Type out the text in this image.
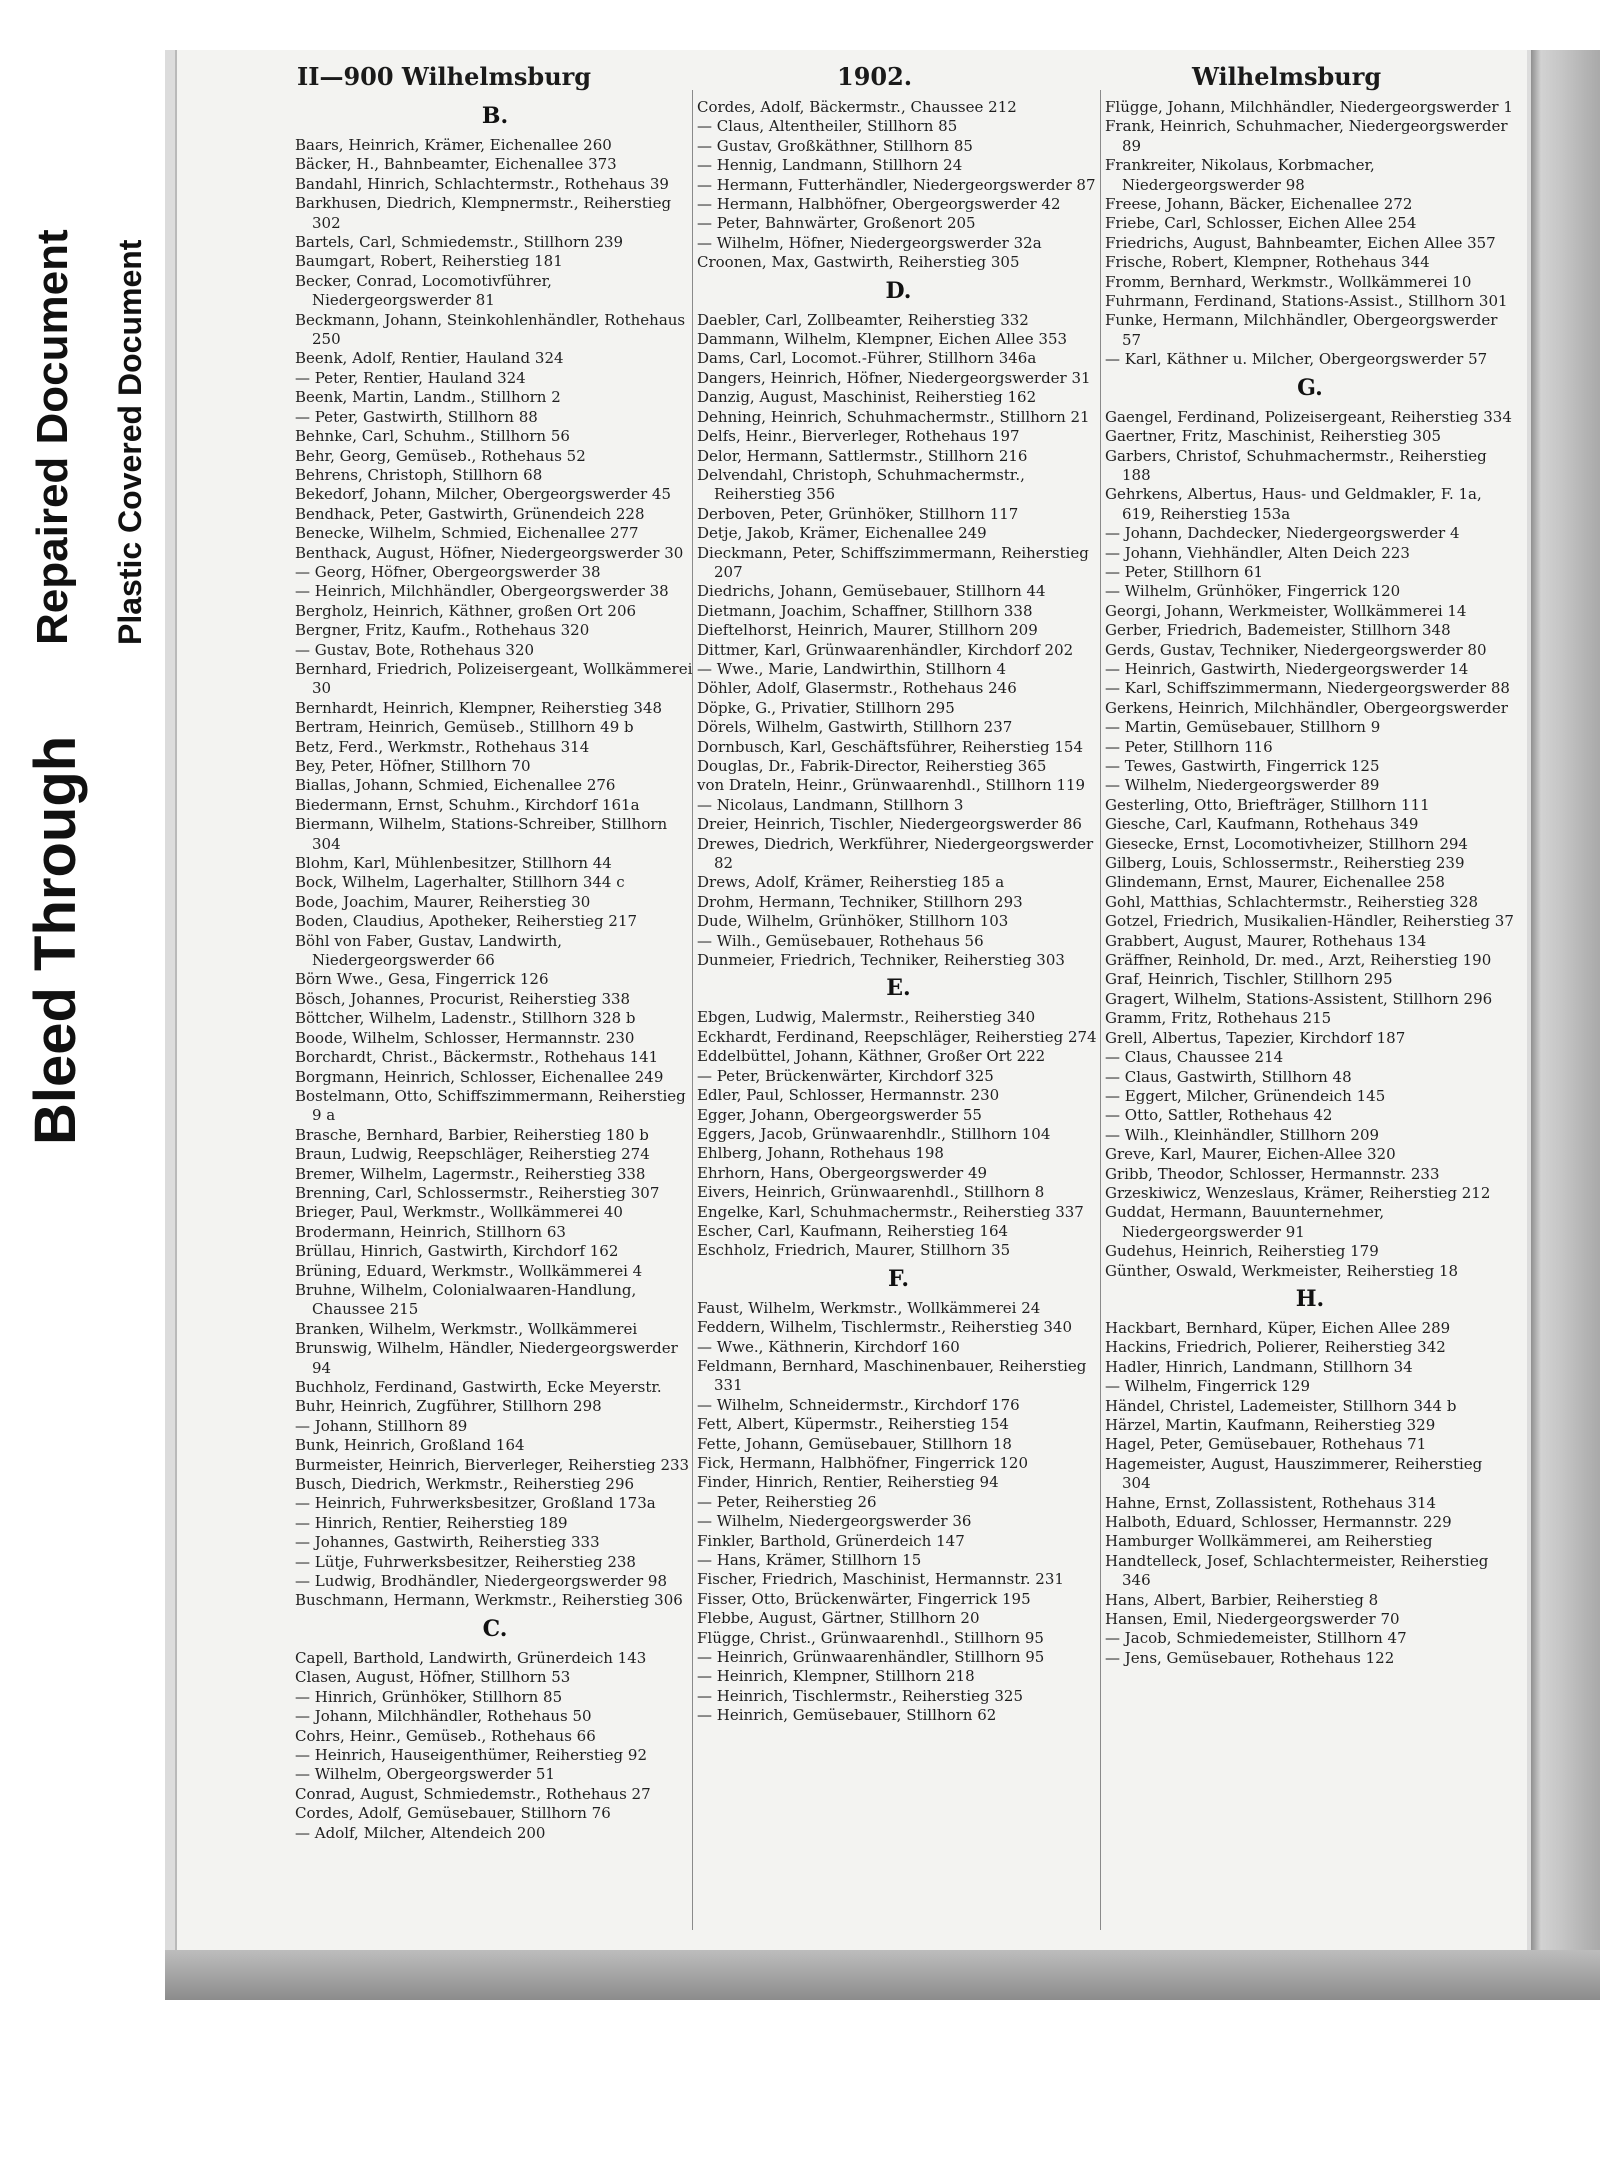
Bleed Through
Repaired Document Plastic Covered Document
II—900 Wilhelmsburg	1902.	Wilhelmsburg
B.
Baars, Heinrich, Krämer, Eichenallee 260
Bäcker, H., Bahnbeamter, Eichenallee 373
Bandahl, Hinrich, Schlachtermstr., Rothehaus 39
Barkhusen, Diedrich, Klempnermstr., Reiherstieg 302
Bartels, Carl, Schmiedemstr., Stillhorn 239
Baumgart, Robert, Reiherstieg 181
Becker, Conrad, Locomotivführer, Niedergeorgswerder 81
Beckmann, Johann, Steinkohlenhändler, Rothehaus 250
Beenk, Adolf, Rentier, Hauland 324
— Peter, Rentier, Hauland 324
Beenk, Martin, Landm., Stillhorn 2
— Peter, Gastwirth, Stillhorn 88
Behnke, Carl, Schuhm., Stillhorn 56
Behr, Georg, Gemüseb., Rothehaus 52
Behrens, Christoph, Stillhorn 68
Bekedorf, Johann, Milcher, Obergeorgswerder 45
Bendhack, Peter, Gastwirth, Grünendeich 228
Benecke, Wilhelm, Schmied, Eichenallee 277
Benthack, August, Höfner, Niedergeorgswerder 30
— Georg, Höfner, Obergeorgswerder 38
— Heinrich, Milchhändler, Obergeorgswerder 38
Bergholz, Heinrich, Käthner, großen Ort 206
Bergner, Fritz, Kaufm., Rothehaus 320
— Gustav, Bote, Rothehaus 320
Bernhard, Friedrich, Polizeisergeant, Wollkämmerei 30
Bernhardt, Heinrich, Klempner, Reiherstieg 348
Bertram, Heinrich, Gemüseb., Stillhorn 49 b
Betz, Ferd., Werkmstr., Rothehaus 314
Bey, Peter, Höfner, Stillhorn 70
Biallas, Johann, Schmied, Eichenallee 276
Biedermann, Ernst, Schuhm., Kirchdorf 161a
Biermann, Wilhelm, Stations-Schreiber, Stillhorn 304
Blohm, Karl, Mühlenbesitzer, Stillhorn 44
Bock, Wilhelm, Lagerhalter, Stillhorn 344 c
Bode, Joachim, Maurer, Reiherstieg 30
Boden, Claudius, Apotheker, Reiherstieg 217
Böhl von Faber, Gustav, Landwirth, Niedergeorgswerder 66
Börn Wwe., Gesa, Fingerrick 126
Bösch, Johannes, Procurist, Reiherstieg 338
Böttcher, Wilhelm, Ladenstr., Stillhorn 328 b
Boode, Wilhelm, Schlosser, Hermannstr. 230
Borchardt, Christ., Bäckermstr., Rothehaus 141
Borgmann, Heinrich, Schlosser, Eichenallee 249
Bostelmann, Otto, Schiffszimmermann, Reiherstieg 9 a
Brasche, Bernhard, Barbier, Reiherstieg 180 b
Braun, Ludwig, Reepschläger, Reiherstieg 274
Bremer, Wilhelm, Lagermstr., Reiherstieg 338
Brenning, Carl, Schlossermstr., Reiherstieg 307
Brieger, Paul, Werkmstr., Wollkämmerei 40
Brodermann, Heinrich, Stillhorn 63
Brüllau, Hinrich, Gastwirth, Kirchdorf 162
Brüning, Eduard, Werkmstr., Wollkämmerei 4
Bruhne, Wilhelm, Colonialwaaren-Handlung, Chaussee 215
Branken, Wilhelm, Werkmstr., Wollkämmerei
Brunswig, Wilhelm, Händler, Niedergeorgswerder 94
Buchholz, Ferdinand, Gastwirth, Ecke Meyerstr.
Buhr, Heinrich, Zugführer, Stillhorn 298
— Johann, Stillhorn 89
Bunk, Heinrich, Großland 164
Burmeister, Heinrich, Bierverleger, Reiherstieg 233
Busch, Diedrich, Werkmstr., Reiherstieg 296
— Heinrich, Fuhrwerksbesitzer, Großland 173a
— Hinrich, Rentier, Reiherstieg 189
— Johannes, Gastwirth, Reiherstieg 333
— Lütje, Fuhrwerksbesitzer, Reiherstieg 238
— Ludwig, Brodhändler, Niedergeorgswerder 98
Buschmann, Hermann, Werkmstr., Reiherstieg 306
C.
Capell, Barthold, Landwirth, Grünerdeich 143
Clasen, August, Höfner, Stillhorn 53
— Hinrich, Grünhöker, Stillhorn 85
— Johann, Milchhändler, Rothehaus 50
Cohrs, Heinr., Gemüseb., Rothehaus 66
— Heinrich, Hauseigenthümer, Reiherstieg 92
— Wilhelm, Obergeorgswerder 51
Conrad, August, Schmiedemstr., Rothehaus 27
Cordes, Adolf, Gemüsebauer, Stillhorn 76
— Adolf, Milcher, Altendeich 200
Cordes, Adolf, Bäckermstr., Chaussee 212
— Claus, Altentheiler, Stillhorn 85
— Gustav, Großkäthner, Stillhorn 85
— Hennig, Landmann, Stillhorn 24
— Hermann, Futterhändler, Niedergeorgswerder 87
— Hermann, Halbhöfner, Obergeorgswerder 42
— Peter, Bahnwärter, Großenort 205
— Wilhelm, Höfner, Niedergeorgswerder 32a
Croonen, Max, Gastwirth, Reiherstieg 305
D.
Daebler, Carl, Zollbeamter, Reiherstieg 332
Dammann, Wilhelm, Klempner, Eichen Allee 353
Dams, Carl, Locomot.-Führer, Stillhorn 346a
Dangers, Heinrich, Höfner, Niedergeorgswerder 31
Danzig, August, Maschinist, Reiherstieg 162
Dehning, Heinrich, Schuhmachermstr., Stillhorn 21
Delfs, Heinr., Bierverleger, Rothehaus 197
Delor, Hermann, Sattlermstr., Stillhorn 216
Delvendahl, Christoph, Schuhmachermstr., Reiherstieg 356
Derboven, Peter, Grünhöker, Stillhorn 117
Detje, Jakob, Krämer, Eichenallee 249
Dieckmann, Peter, Schiffszimmermann, Reiherstieg 207
Diedrichs, Johann, Gemüsebauer, Stillhorn 44
Dietmann, Joachim, Schaffner, Stillhorn 338
Dieftelhorst, Heinrich, Maurer, Stillhorn 209
Dittmer, Karl, Grünwaarenhändler, Kirchdorf 202
— Wwe., Marie, Landwirthin, Stillhorn 4
Döhler, Adolf, Glasermstr., Rothehaus 246
Döpke, G., Privatier, Stillhorn 295
Dörels, Wilhelm, Gastwirth, Stillhorn 237
Dornbusch, Karl, Geschäftsführer, Reiherstieg 154
Douglas, Dr., Fabrik-Director, Reiherstieg 365
von Drateln, Heinr., Grünwaarenhdl., Stillhorn 119
— Nicolaus, Landmann, Stillhorn 3
Dreier, Heinrich, Tischler, Niedergeorgswerder 86
Drewes, Diedrich, Werkführer, Niedergeorgswerder 82
Drews, Adolf, Krämer, Reiherstieg 185 a
Drohm, Hermann, Techniker, Stillhorn 293
Dude, Wilhelm, Grünhöker, Stillhorn 103
— Wilh., Gemüsebauer, Rothehaus 56
Dunmeier, Friedrich, Techniker, Reiherstieg 303
E.
Ebgen, Ludwig, Malermstr., Reiherstieg 340
Eckhardt, Ferdinand, Reepschläger, Reiherstieg 274
Eddelbüttel, Johann, Käthner, Großer Ort 222
— Peter, Brückenwärter, Kirchdorf 325
Edler, Paul, Schlosser, Hermannstr. 230
Egger, Johann, Obergeorgswerder 55
Eggers, Jacob, Grünwaarenhdlr., Stillhorn 104
Ehlberg, Johann, Rothehaus 198
Ehrhorn, Hans, Obergeorgswerder 49
Eivers, Heinrich, Grünwaarenhdl., Stillhorn 8
Engelke, Karl, Schuhmachermstr., Reiherstieg 337
Escher, Carl, Kaufmann, Reiherstieg 164
Eschholz, Friedrich, Maurer, Stillhorn 35
F.
Faust, Wilhelm, Werkmstr., Wollkämmerei 24
Feddern, Wilhelm, Tischlermstr., Reiherstieg 340
— Wwe., Käthnerin, Kirchdorf 160
Feldmann, Bernhard, Maschinenbauer, Reiherstieg 331
— Wilhelm, Schneidermstr., Kirchdorf 176
Fett, Albert, Küpermstr., Reiherstieg 154
Fette, Johann, Gemüsebauer, Stillhorn 18
Fick, Hermann, Halbhöfner, Fingerrick 120
Finder, Hinrich, Rentier, Reiherstieg 94
— Peter, Reiherstieg 26
— Wilhelm, Niedergeorgswerder 36
Finkler, Barthold, Grünerdeich 147
— Hans, Krämer, Stillhorn 15
Fischer, Friedrich, Maschinist, Hermannstr. 231
Fisser, Otto, Brückenwärter, Fingerrick 195
Flebbe, August, Gärtner, Stillhorn 20
Flügge, Christ., Grünwaarenhdl., Stillhorn 95
— Heinrich, Grünwaarenhändler, Stillhorn 95
— Heinrich, Klempner, Stillhorn 218
— Heinrich, Tischlermstr., Reiherstieg 325
— Heinrich, Gemüsebauer, Stillhorn 62
Flügge, Johann, Milchhändler, Niedergeorgswerder 1
Frank, Heinrich, Schuhmacher, Niedergeorgswerder 89
Frankreiter, Nikolaus, Korbmacher, Niedergeorgswerder 98
Freese, Johann, Bäcker, Eichenallee 272
Friebe, Carl, Schlosser, Eichen Allee 254
Friedrichs, August, Bahnbeamter, Eichen Allee 357
Frische, Robert, Klempner, Rothehaus 344
Fromm, Bernhard, Werkmstr., Wollkämmerei 10
Fuhrmann, Ferdinand, Stations-Assist., Stillhorn 301
Funke, Hermann, Milchhändler, Obergeorgswerder 57
— Karl, Käthner u. Milcher, Obergeorgswerder 57
G.
Gaengel, Ferdinand, Polizeisergeant, Reiherstieg 334
Gaertner, Fritz, Maschinist, Reiherstieg 305
Garbers, Christof, Schuhmachermstr., Reiherstieg 188
Gehrkens, Albertus, Haus- und Geldmakler, F. 1a, 619, Reiherstieg 153a
— Johann, Dachdecker, Niedergeorgswerder 4
— Johann, Viehhändler, Alten Deich 223
— Peter, Stillhorn 61
— Wilhelm, Grünhöker, Fingerrick 120
Georgi, Johann, Werkmeister, Wollkämmerei 14
Gerber, Friedrich, Bademeister, Stillhorn 348
Gerds, Gustav, Techniker, Niedergeorgswerder 80
— Heinrich, Gastwirth, Niedergeorgswerder 14
— Karl, Schiffszimmermann, Niedergeorgswerder 88
Gerkens, Heinrich, Milchhändler, Obergeorgswerder
— Martin, Gemüsebauer, Stillhorn 9
— Peter, Stillhorn 116
— Tewes, Gastwirth, Fingerrick 125
— Wilhelm, Niedergeorgswerder 89
Gesterling, Otto, Briefträger, Stillhorn 111
Giesche, Carl, Kaufmann, Rothehaus 349
Giesecke, Ernst, Locomotivheizer, Stillhorn 294
Gilberg, Louis, Schlossermstr., Reiherstieg 239
Glindemann, Ernst, Maurer, Eichenallee 258
Gohl, Matthias, Schlachtermstr., Reiherstieg 328
Gotzel, Friedrich, Musikalien-Händler, Reiherstieg 37
Grabbert, August, Maurer, Rothehaus 134
Gräffner, Reinhold, Dr. med., Arzt, Reiherstieg 190
Graf, Heinrich, Tischler, Stillhorn 295
Gragert, Wilhelm, Stations-Assistent, Stillhorn 296
Gramm, Fritz, Rothehaus 215
Grell, Albertus, Tapezier, Kirchdorf 187
— Claus, Chaussee 214
— Claus, Gastwirth, Stillhorn 48
— Eggert, Milcher, Grünendeich 145
— Otto, Sattler, Rothehaus 42
— Wilh., Kleinhändler, Stillhorn 209
Greve, Karl, Maurer, Eichen-Allee 320
Gribb, Theodor, Schlosser, Hermannstr. 233
Grzeskiwicz, Wenzeslaus, Krämer, Reiherstieg 212
Guddat, Hermann, Bauunternehmer, Niedergeorgswerder 91
Gudehus, Heinrich, Reiherstieg 179
Günther, Oswald, Werkmeister, Reiherstieg 18
H.
Hackbart, Bernhard, Küper, Eichen Allee 289
Hackins, Friedrich, Polierer, Reiherstieg 342
Hadler, Hinrich, Landmann, Stillhorn 34
— Wilhelm, Fingerrick 129
Händel, Christel, Lademeister, Stillhorn 344 b
Härzel, Martin, Kaufmann, Reiherstieg 329
Hagel, Peter, Gemüsebauer, Rothehaus 71
Hagemeister, August, Hauszimmerer, Reiherstieg 304
Hahne, Ernst, Zollassistent, Rothehaus 314
Halboth, Eduard, Schlosser, Hermannstr. 229
Hamburger Wollkämmerei, am Reiherstieg
Handtelleck, Josef, Schlachtermeister, Reiherstieg 346
Hans, Albert, Barbier, Reiherstieg 8
Hansen, Emil, Niedergeorgswerder 70
— Jacob, Schmiedemeister, Stillhorn 47
— Jens, Gemüsebauer, Rothehaus 122
